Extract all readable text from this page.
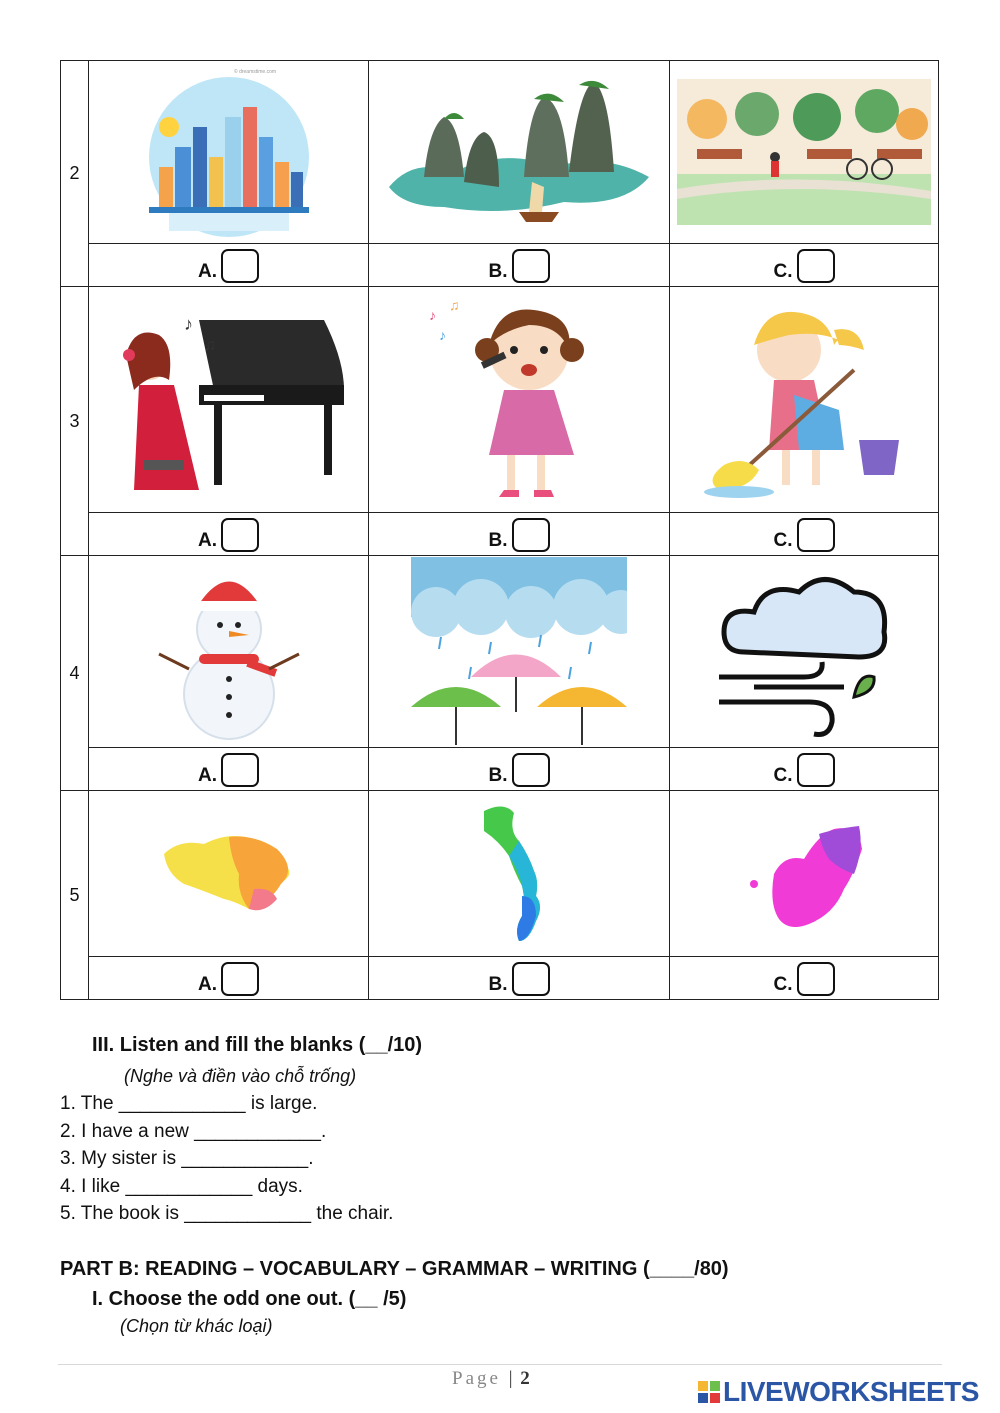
2	© dreamstime.com

	A.	B.	C.
3	♪
♫	♪
♫
♪

	A.	B.	C.
4	

	A.	B.	C.
5	

	A.	B.	C.
III. Listen and fill the blanks (__/10)
(Nghe và điền vào chỗ trống)
1. The ____________ is large.
2. I have a new ____________.
3. My sister is ____________.
4. I like ____________ days.
5. The book is ____________ the chair.
PART B: READING – VOCABULARY – GRAMMAR – WRITING (____/80)
I. Choose the odd one out. (__ /5)
(Chọn từ khác loại)
Page | 2	LIVEWORKSHEETS
